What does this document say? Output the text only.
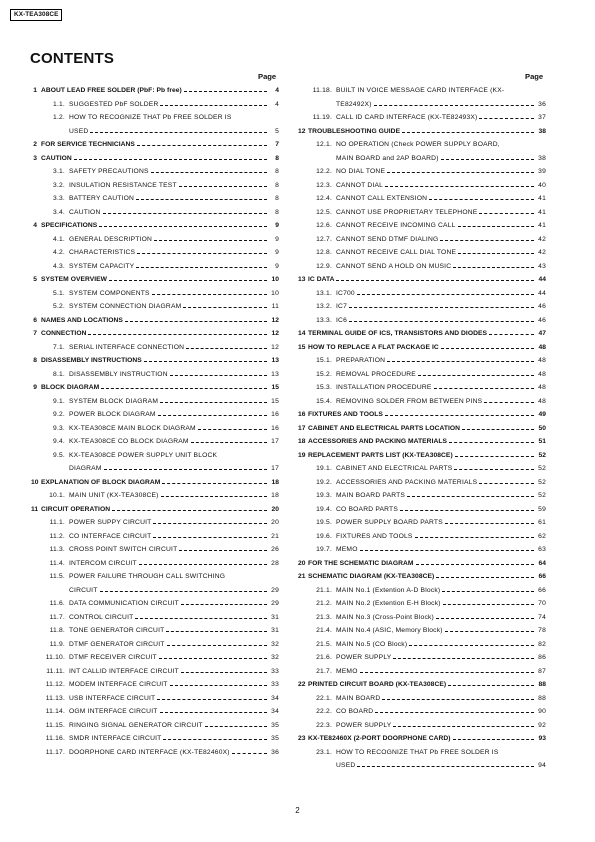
KX-TEA308CE
CONTENTS
Page	Page
1 ABOUT LEAD FREE SOLDER (PbF: Pb free)	4
1.1. SUGGESTED PbF SOLDER	4
1.2. HOW TO RECOGNIZE THAT Pb FREE SOLDER IS
USED	5
2 FOR SERVICE TECHNICIANS	7
3 CAUTION	8
3.1. SAFETY PRECAUTIONS	8
3.2. INSULATION RESISTANCE TEST	8
3.3. BATTERY CAUTION	8
3.4. CAUTION	8
4 SPECIFICATIONS	9
4.1. GENERAL DESCRIPTION	9
4.2. CHARACTERISTICS	9
4.3. SYSTEM CAPACITY	9
5 SYSTEM OVERVIEW	10
5.1. SYSTEM COMPONENTS	10
5.2. SYSTEM CONNECTION DIAGRAM	11
6 NAMES AND LOCATIONS	12
7 CONNECTION	12
7.1. SERIAL INTERFACE CONNECTION	12
8 DISASSEMBLY INSTRUCTIONS	13
8.1. DISASSEMBLY INSTRUCTION	13
9 BLOCK DIAGRAM	15
9.1. SYSTEM BLOCK DIAGRAM	15
9.2. POWER BLOCK DIAGRAM	16
9.3. KX-TEA308CE MAIN BLOCK DIAGRAM	16
9.4. KX-TEA308CE CO BLOCK DIAGRAM	17
9.5. KX-TEA308CE POWER SUPPLY UNIT BLOCK
DIAGRAM	17
10 EXPLANATION OF BLOCK DIAGRAM	18
10.1. MAIN UNIT (KX-TEA308CE)	18
11 CIRCUIT OPERATION	20
11.1. POWER SUPPY CIRCUIT	20
11.2. CO INTERFACE CIRCUIT	21
11.3. CROSS POINT SWITCH CIRCUIT	26
11.4. INTERCOM CIRCUIT	28
11.5. POWER FAILURE THROUGH CALL SWITCHING
CIRCUIT	29
11.6. DATA COMMUNICATION CIRCUIT	29
11.7. CONTROL CIRCUIT	31
11.8. TONE GENERATOR CIRCUIT	31
11.9. DTMF GENERATOR CIRCUIT	32
11.10. DTMF RECEIVER CIRCUIT	32
11.11. INT CALLID INTERFACE CIRCUIT	33
11.12. MODEM INTERFACE CIRCUIT	33
11.13. USB INTERFACE CIRCUIT	34
11.14. OGM INTERFACE CIRCUIT	34
11.15. RINGING SIGNAL GENERATOR CIRCUIT	35
11.16. SMDR INTERFACE CIRCUIT	35
11.17. DOORPHONE CARD INTERFACE (KX-TE82460X)	36
11.18. BUILT IN VOICE MESSAGE CARD INTERFACE (KX-
TE82492X)	36
11.19. CALL ID CARD INTERFACE (KX-TE82493X)	37
12 TROUBLESHOOTING GUIDE	38
12.1. NO OPERATION (Check POWER SUPPLY BOARD,
MAIN BOARD and 2AP BOARD)	38
12.2. NO DIAL TONE	39
12.3. CANNOT DIAL	40
12.4. CANNOT CALL EXTENSION	41
12.5. CANNOT USE PROPRIETARY TELEPHONE	41
12.6. CANNOT RECEIVE INCOMING CALL	41
12.7. CANNOT SEND DTMF DIALING	42
12.8. CANNOT RECEIVE CALL DIAL TONE	42
12.9. CANNOT SEND A HOLD ON MUSIC	43
13 IC DATA	44
13.1. IC700	44
13.2. IC7	46
13.3. IC6	46
14 TERMINAL GUIDE OF ICS, TRANSISTORS AND DIODES	47
15 HOW TO REPLACE A FLAT PACKAGE IC	48
15.1. PREPARATION	48
15.2. REMOVAL PROCEDURE	48
15.3. INSTALLATION PROCEDURE	48
15.4. REMOVING SOLDER FROM BETWEEN PINS	48
16 FIXTURES AND TOOLS	49
17 CABINET AND ELECTRICAL PARTS LOCATION	50
18 ACCESSORIES AND PACKING MATERIALS	51
19 REPLACEMENT PARTS LIST (KX-TEA308CE)	52
19.1. CABINET AND ELECTRICAL PARTS	52
19.2. ACCESSORIES AND PACKING MATERIALS	52
19.3. MAIN BOARD PARTS	52
19.4. CO BOARD PARTS	59
19.5. POWER SUPPLY BOARD PARTS	61
19.6. FIXTURES AND TOOLS	62
19.7. MEMO	63
20 FOR THE SCHEMATIC DIAGRAM	64
21 SCHEMATIC DIAGRAM (KX-TEA308CE)	66
21.1. MAIN No.1 (Extention A-D Block)	66
21.2. MAIN No.2 (Extention E-H Block)	70
21.3. MAIN No.3 (Cross-Point Block)	74
21.4. MAIN No.4 (ASIC, Memory Block)	78
21.5. MAIN No.5 (CO Block)	82
21.6. POWER SUPPLY	86
21.7. MEMO	87
22 PRINTED CIRCUIT BOARD (KX-TEA308CE)	88
22.1. MAIN BOARD	88
22.2. CO BOARD	90
22.3. POWER SUPPLY	92
23 KX-TE82460X (2-PORT DOORPHONE CARD)	93
23.1. HOW TO RECOGNIZE THAT Pb FREE SOLDER IS
USED	94
2
